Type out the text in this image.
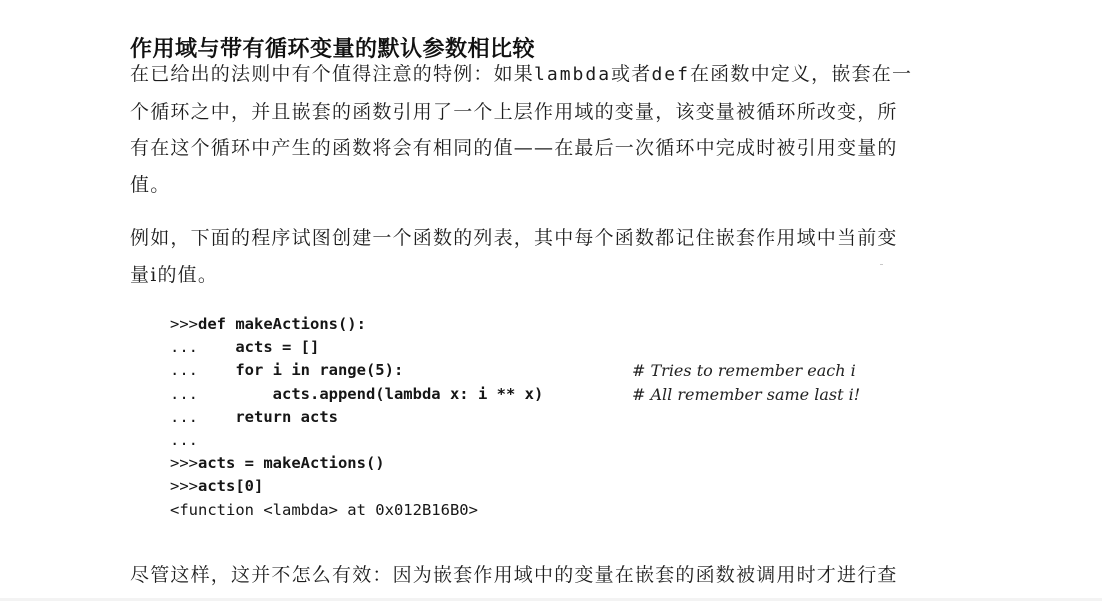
作用域与带有循环变量的默认参数相比较
在已给出的法则中有个值得注意的特例：如果lambda或者def在函数中定义，嵌套在一
个循环之中，并且嵌套的函数引用了一个上层作用域的变量，该变量被循环所改变，所
有在这个循环中产生的函数将会有相同的值——在最后一次循环中完成时被引用变量的
值。
例如，下面的程序试图创建一个函数的列表，其中每个函数都记住嵌套作用域中当前变
量i的值。
>>>def makeActions():
...    acts = []
...    for i in range(5):	# Tries to remember each i
...        acts.append(lambda x: i ** x)	# All remember same last i!
...    return acts
...
>>>acts = makeActions()
>>>acts[0]
<function <lambda> at 0x012B16B0>
尽管这样，这并不怎么有效：因为嵌套作用域中的变量在嵌套的函数被调用时才进行查
